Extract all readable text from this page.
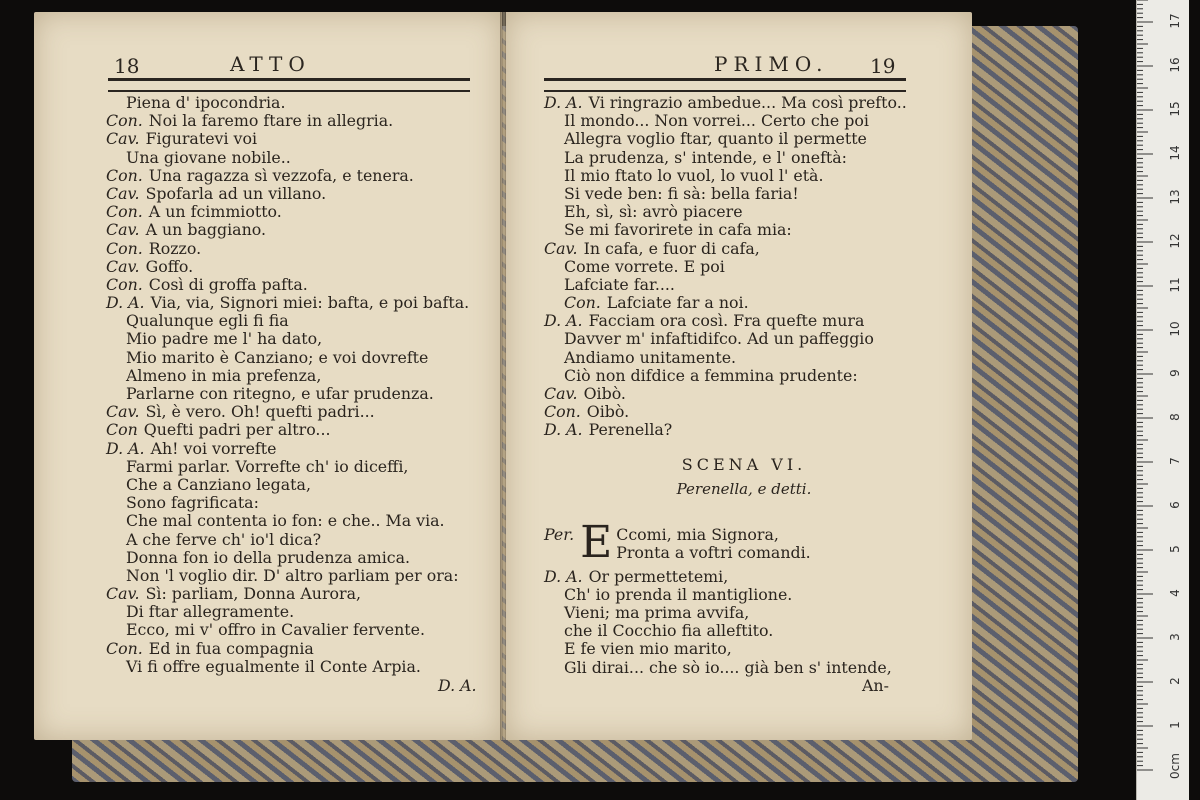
18	ATTO
Piena d' ipocondria.
Con. Noi la faremo ftare in allegria.
Cav. Figuratevi voi
Una giovane nobile..
Con. Una ragazza sì vezzofa, e tenera.
Cav. Spofarla ad un villano.
Con. A un fcimmiotto.
Cav. A un baggiano.
Con. Rozzo.
Cav. Goffo.
Con. Così di groffa pafta.
D. A. Via, via, Signori miei: bafta, e poi bafta.
Qualunque egli fi fia
Mio padre me l' ha dato,
Mio marito è Canziano; e voi dovrefte
Almeno in mia prefenza,
Parlarne con ritegno, e ufar prudenza.
Cav. Sì, è vero. Oh! quefti padri...
Con Quefti padri per altro...
D. A. Ah! voi vorrefte
Farmi parlar. Vorrefte ch' io diceffi,
Che a Canziano legata,
Sono fagrificata:
Che mal contenta io fon: e che.. Ma via.
A che ferve ch' io'l dica?
Donna fon io della prudenza amica.
Non 'l voglio dir. D' altro parliam per ora:
Cav. Sì: parliam, Donna Aurora,
Di ftar allegramente.
Ecco, mi v' offro in Cavalier fervente.
Con. Ed in fua compagnia
Vi fi offre egualmente il Conte Arpia.
D. A.
PRIMO. 19
D. A. Vi ringrazio ambedue... Ma così prefto..
Il mondo... Non vorrei... Certo che poi
Allegra voglio ftar, quanto il permette
La prudenza, s' intende, e l' oneftà:
Il mio ftato lo vuol, lo vuol l' età.
Si vede ben: fi sà: bella faria!
Eh, sì, sì: avrò piacere
Se mi favorirete in cafa mia:
Cav. In cafa, e fuor di cafa,
Come vorrete. E poi
Lafciate far....
Con. Lafciate far a noi.
D. A. Facciam ora così. Fra quefte mura
Davver m' infaftidifco. Ad un paffeggio
Andiamo unitamente.
Ciò non difdice a femmina prudente:
Cav. Oibò.
Con. Oibò.
D. A. Perenella?
SCENA VI.
Perenella, e detti.
Per. E Ccomi, mia Signora,
Pronta a voftri comandi.
D. A. Or permettetemi,
Ch' io prenda il mantiglione.
Vieni; ma prima avvifa,
che il Cocchio fia alleftito.
E fe vien mio marito,
Gli dirai... che sò io.... già ben s' intende,
An-
0cm
1
2
3
4
5
6
7
8
9
10
11
12
13
14
15
16
17
